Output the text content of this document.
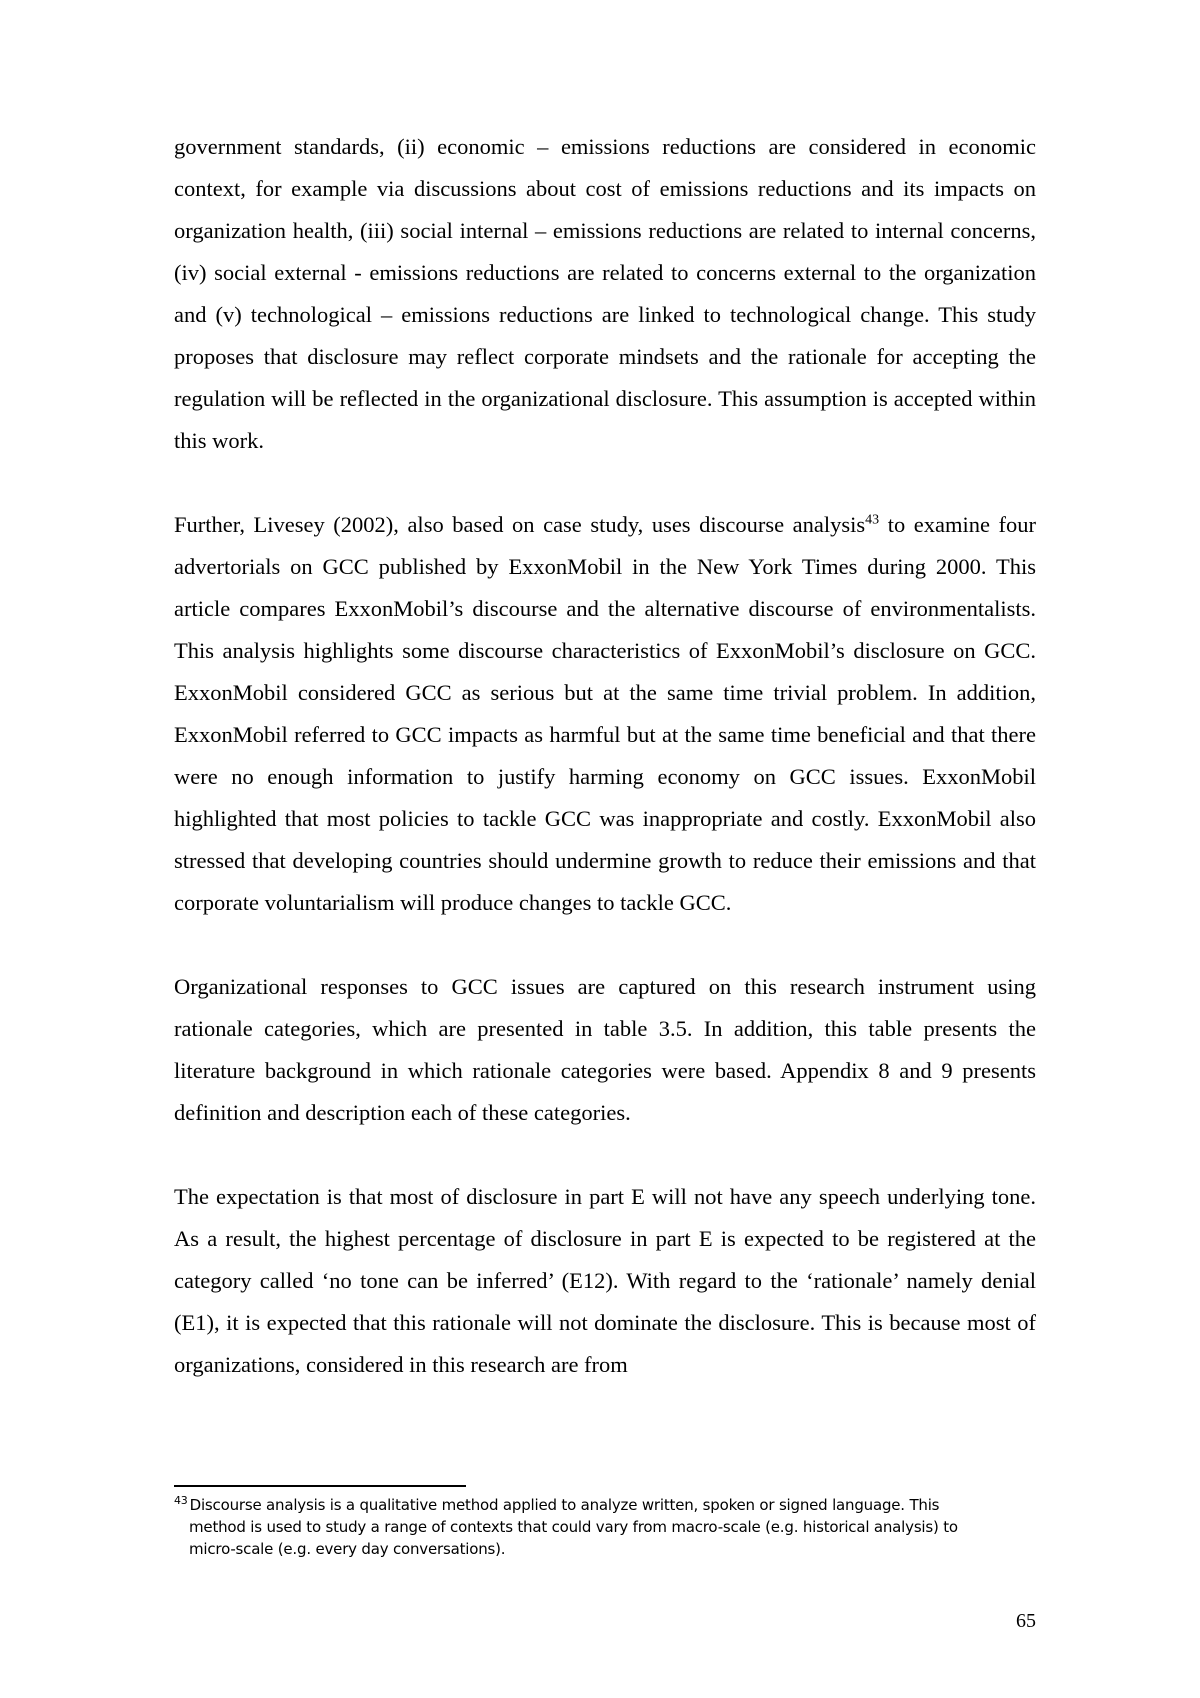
government standards, (ii) economic – emissions reductions are considered in economic context, for example via discussions about cost of emissions reductions and its impacts on organization health, (iii) social internal – emissions reductions are related to internal concerns, (iv) social external - emissions reductions are related to concerns external to the organization and (v) technological – emissions reductions are linked to technological change. This study proposes that disclosure may reflect corporate mindsets and the rationale for accepting the regulation will be reflected in the organizational disclosure. This assumption is accepted within this work.

Further, Livesey (2002), also based on case study, uses discourse analysis$^{43}$ to examine four advertorials on GCC published by ExxonMobil in the New York Times during 2000. This article compares ExxonMobil’s discourse and the alternative discourse of environmentalists. This analysis highlights some discourse characteristics of ExxonMobil’s disclosure on GCC. ExxonMobil considered GCC as serious but at the same time trivial problem. In addition, ExxonMobil referred to GCC impacts as harmful but at the same time beneficial and that there were no enough information to justify harming economy on GCC issues. ExxonMobil highlighted that most policies to tackle GCC was inappropriate and costly. ExxonMobil also stressed that developing countries should undermine growth to reduce their emissions and that corporate voluntarialism will produce changes to tackle GCC.

Organizational responses to GCC issues are captured on this research instrument using rationale categories, which are presented in table 3.5. In addition, this table presents the literature background in which rationale categories were based. Appendix 8 and 9 presents definition and description each of these categories.

The expectation is that most of disclosure in part E will not have any speech underlying tone. As a result, the highest percentage of disclosure in part E is expected to be registered at the category called ‘no tone can be inferred’ (E12). With regard to the ‘rationale’ namely denial (E1), it is expected that this rationale will not dominate the disclosure. This is because most of organizations, considered in this research are from

$^{43}$ Discourse analysis is a qualitative method applied to analyze written, spoken or signed language. This
method is used to study a range of contexts that could vary from macro-scale (e.g. historical analysis) to
micro-scale (e.g. every day conversations).
65
